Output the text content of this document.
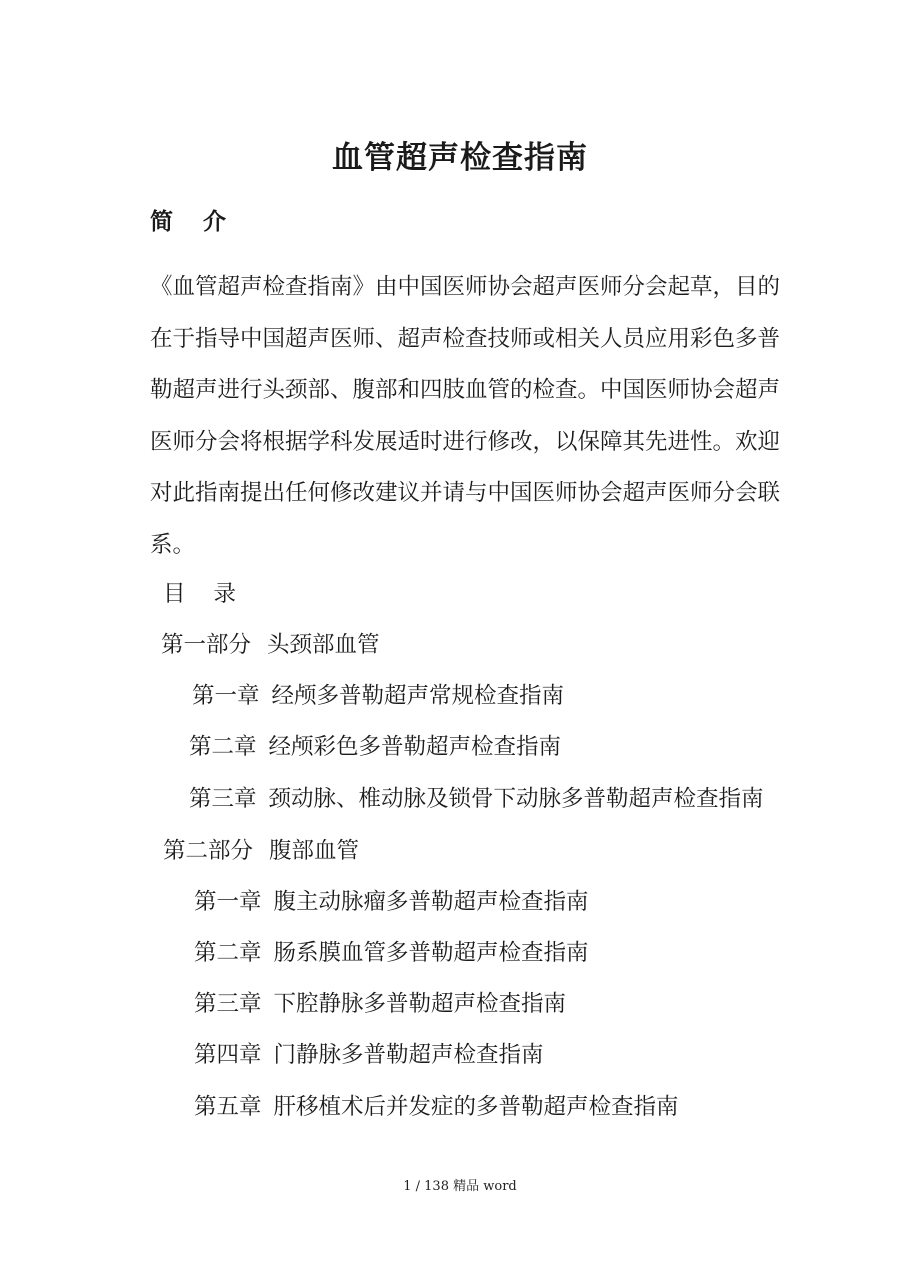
血管超声检查指南
简 介
《血管超声检查指南》由中国医师协会超声医师分会起草，目的在于指导中国超声医师、超声检查技师或相关人员应用彩色多普勒超声进行头颈部、腹部和四肢血管的检查。中国医师协会超声医师分会将根据学科发展适时进行修改，以保障其先进性。欢迎对此指南提出任何修改建议并请与中国医师协会超声医师分会联系。
目 录
第一部分 头颈部血管
第一章 经颅多普勒超声常规检查指南
第二章 经颅彩色多普勒超声检查指南
第三章 颈动脉、椎动脉及锁骨下动脉多普勒超声检查指南
第二部分 腹部血管
第一章 腹主动脉瘤多普勒超声检查指南
第二章 肠系膜血管多普勒超声检查指南
第三章 下腔静脉多普勒超声检查指南
第四章 门静脉多普勒超声检查指南
第五章 肝移植术后并发症的多普勒超声检查指南
1 / 138 精品 word
